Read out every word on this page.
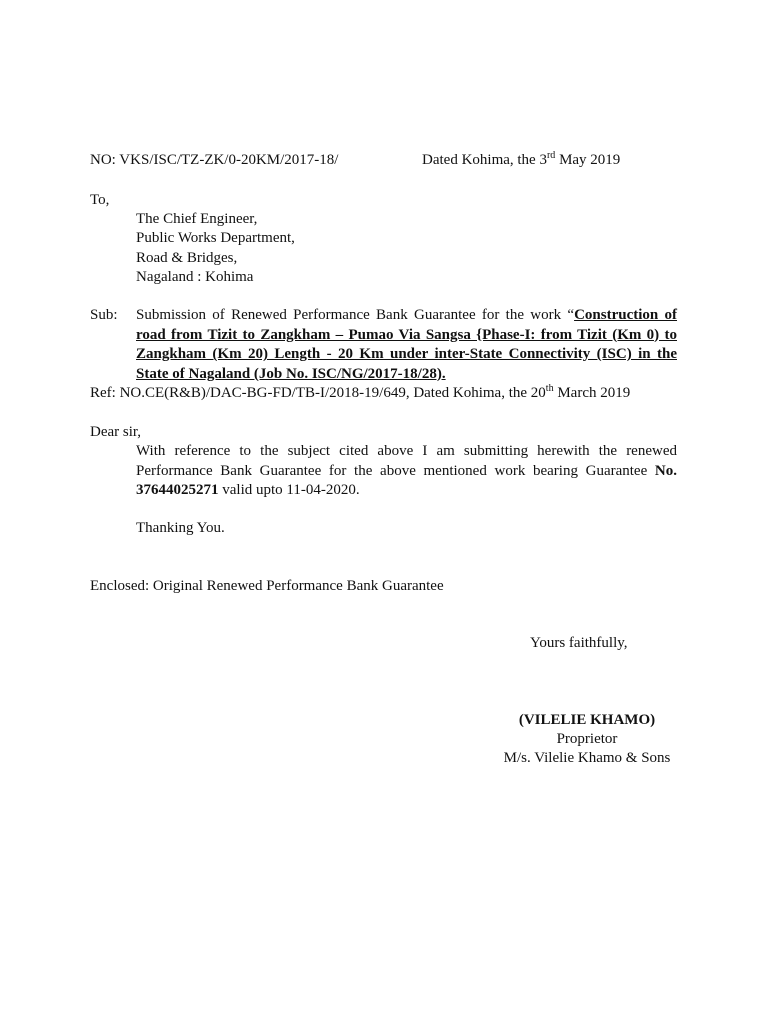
NO: VKS/ISC/TZ-ZK/0-20KM/2017-18/	Dated Kohima, the 3rd May 2019
To,
The Chief Engineer,
Public Works Department,
Road & Bridges,
Nagaland : Kohima
Sub: Submission of Renewed Performance Bank Guarantee for the work “Construction of road from Tizit to Zangkham – Pumao Via Sangsa {Phase-I: from Tizit (Km 0) to Zangkham (Km 20) Length - 20 Km under inter-State Connectivity (ISC) in the State of Nagaland (Job No. ISC/NG/2017-18/28).
Ref: NO.CE(R&B)/DAC-BG-FD/TB-I/2018-19/649, Dated Kohima, the 20th March 2019
Dear sir,
With reference to the subject cited above I am submitting herewith the renewed Performance Bank Guarantee for the above mentioned work bearing Guarantee No. 37644025271 valid upto 11-04-2020.
Thanking You.
Enclosed: Original Renewed Performance Bank Guarantee
Yours faithfully,
(VILELIE KHAMO)
Proprietor
M/s. Vilelie Khamo & Sons
